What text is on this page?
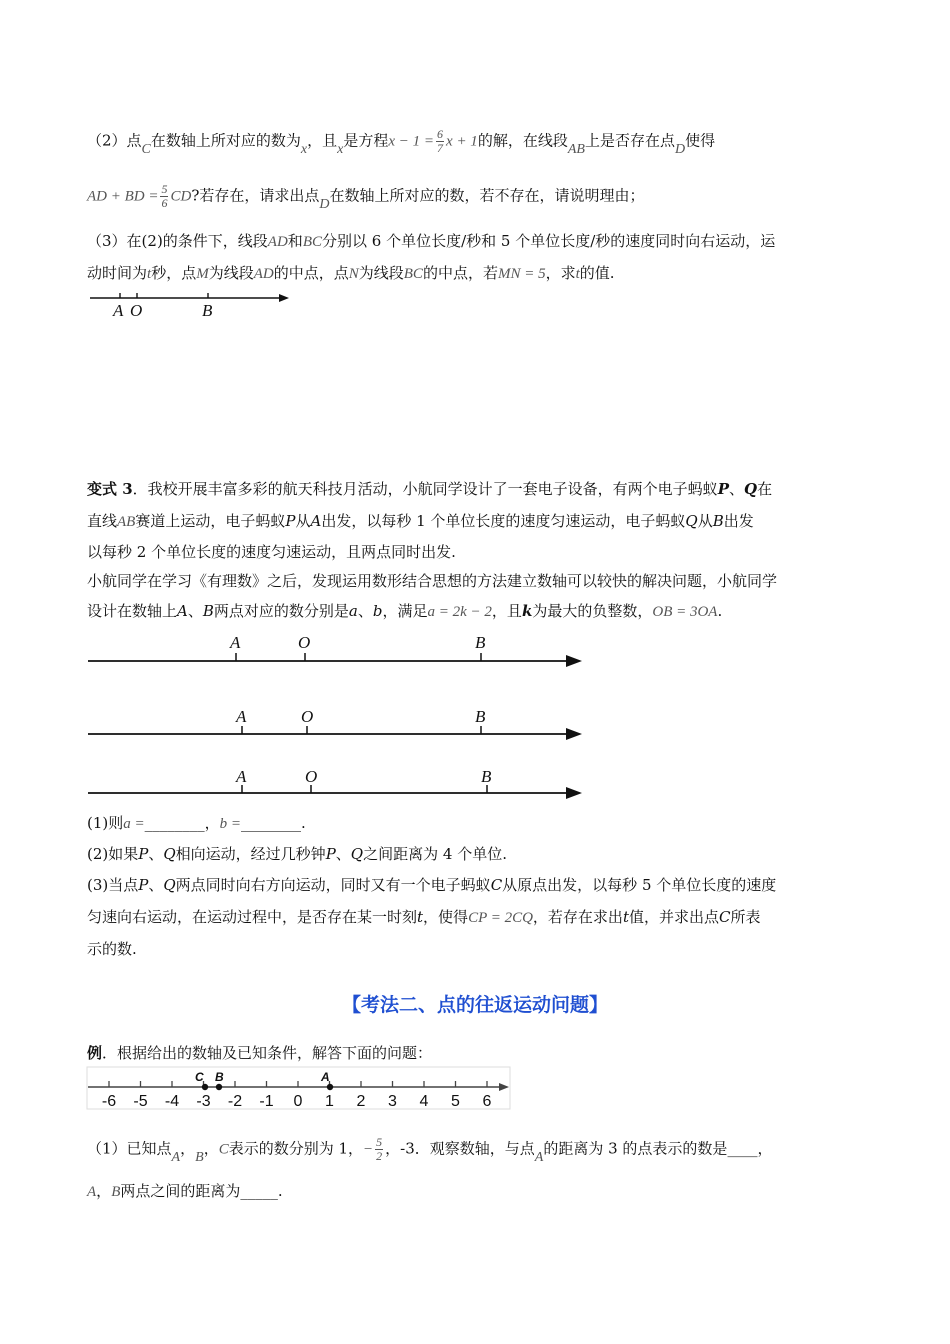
（2）点C在数轴上所对应的数为x，且x是方程$x - 1 = \frac{6}{7}$ x + 1的解，在线段AB上是否存在点D使得
AD + BD = $\frac{5}{6}$ CD?若存在，请求出点D在数轴上所对应的数，若不存在，请说明理由；
（3）在(2)的条件下，线段AD和BC分别以 6 个单位长度/秒和 5 个单位长度/秒的速度同时向右运动，运
动时间为t秒，点M为线段AD的中点，点N为线段BC的中点，若MN = 5，求t的值.
变式 3．我校开展丰富多彩的航天科技月活动，小航同学设计了一套电子设备，有两个电子蚂蚁P、Q在
直线AB赛道上运动，电子蚂蚁P从A出发，以每秒 1 个单位长度的速度匀速运动，电子蚂蚁Q从B出发
以每秒 2 个单位长度的速度匀速运动，且两点同时出发.
小航同学在学习《有理数》之后，发现运用数形结合思想的方法建立数轴可以较快的解决问题，小航同学
设计在数轴上A、B两点对应的数分别是a、b，满足a = 2k − 2，且k为最大的负整数，OB = 3OA.
(1)则a =________，b =________.
(2)如果P、Q相向运动，经过几秒钟P、Q之间距离为 4 个单位.
(3)当点P、Q两点同时向右方向运动，同时又有一个电子蚂蚁C从原点出发，以每秒 5 个单位长度的速度
匀速向右运动，在运动过程中，是否存在某一时刻t，使得CP = 2CQ，若存在求出t值，并求出点C所表
示的数.
【考法二、点的往返运动问题】
例．根据给出的数轴及已知条件，解答下面的问题：
（1）已知点A，B，C表示的数分别为 1，− $\frac{5}{2}$ ，-3．观察数轴，与点A的距离为 3 的点表示的数是____，
A，B两点之间的距离为_____.
A O	B
A	O	B
A	O	B
A	O	B
-6 -5 -4 -3 -2 -1 0 1 2 3 4 5 6
C B	A
